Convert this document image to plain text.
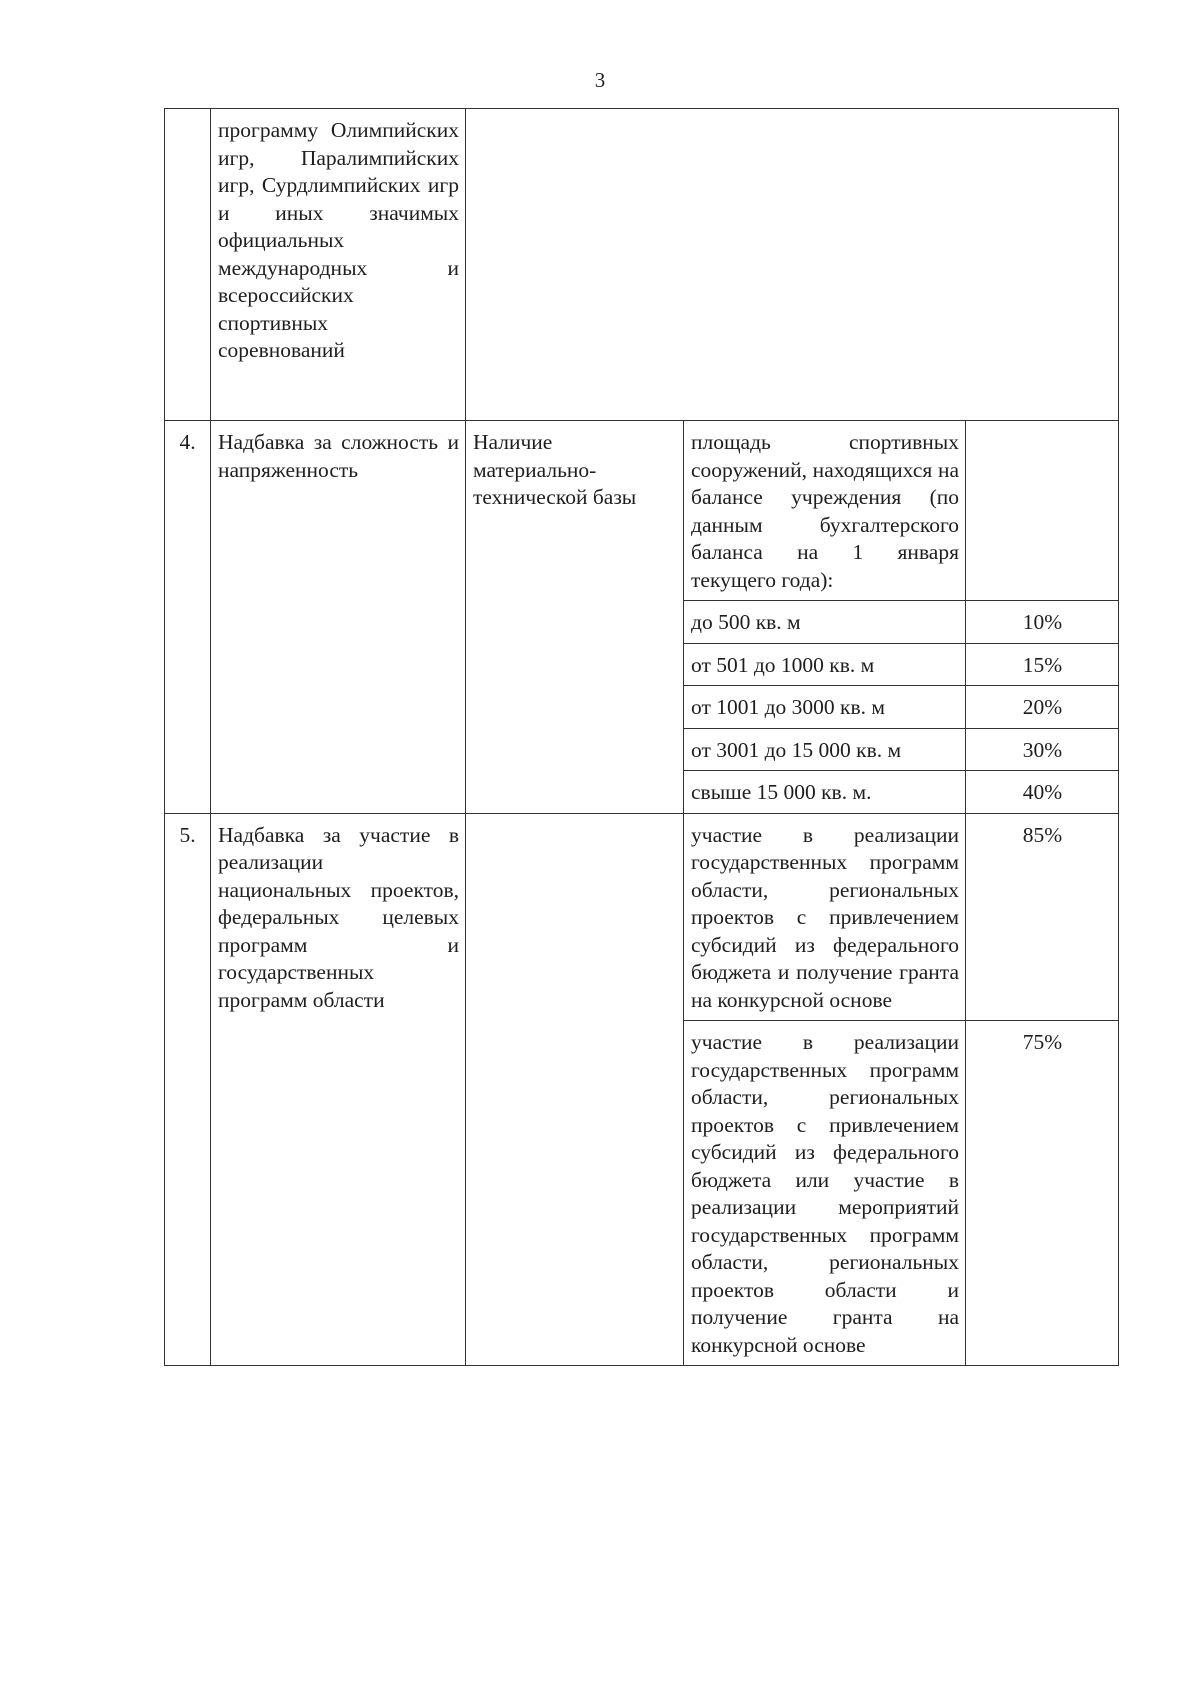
3
	программу Олимпийских игр, Паралимпийских игр, Сурдлимпийских игр и иных значимых официальных международных и всероссийских спортивных соревнований			
4.	Надбавка за сложность и напряженность	Наличие материально-технической базы	площадь спортивных сооружений, находящихся на балансе учреждения (по данным бухгалтерского баланса на 1 января текущего года):	
			до 500 кв. м	10%
			от 501 до 1000 кв. м	15%
			от 1001 до 3000 кв. м	20%
			от 3001 до 15 000 кв. м	30%
			свыше 15 000 кв. м.	40%
5.	Надбавка за участие в реализации национальных проектов, федеральных целевых программ и государственных программ области		участие в реализации государственных программ области, региональных проектов с привлечением субсидий из федерального бюджета и получение гранта на конкурсной основе	85%
			участие в реализации государственных программ области, региональных проектов с привлечением субсидий из федерального бюджета или участие в реализации мероприятий государственных программ области, региональных проектов области и получение гранта на конкурсной основе	75%
